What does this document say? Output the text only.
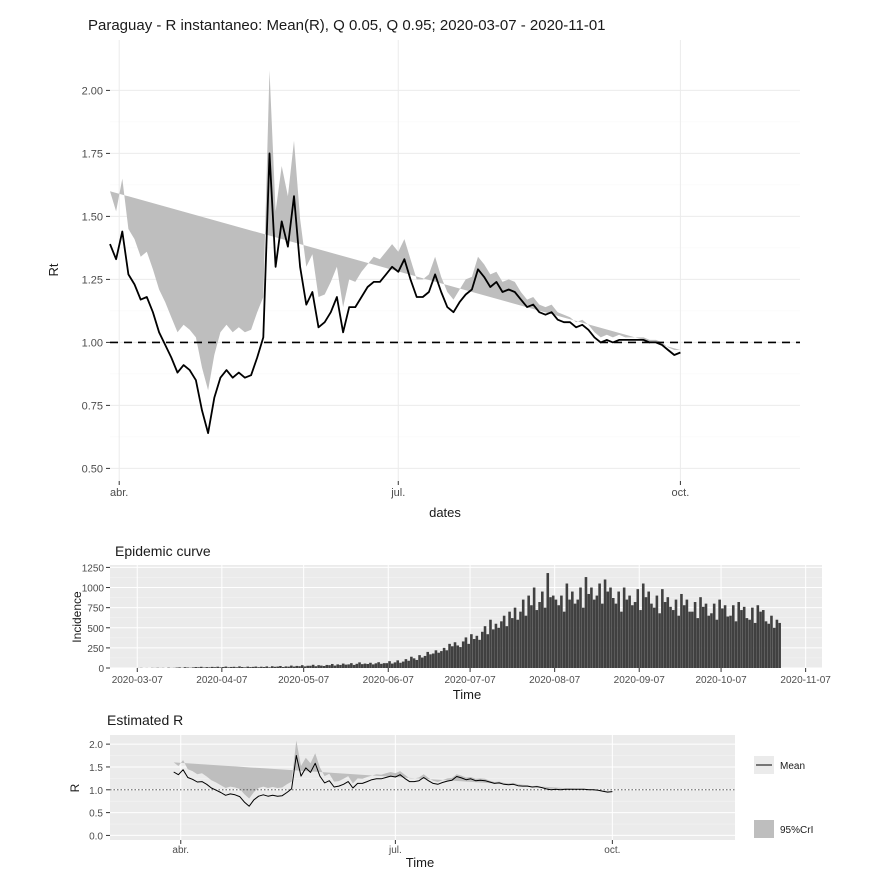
Paraguay - R instantaneo: Mean(R), Q 0.05, Q 0.95; 2020-03-07 - 2020-11-01
0.50
0.75
1.00
1.25
1.50
1.75
2.00
abr.	jul.	oct.
dates
Rt
Epidemic curve
0
250
500
750
1000
1250
2020-03-07	2020-04-07	2020-05-07	2020-06-07	2020-07-07	2020-08-07	2020-09-07	2020-10-07	2020-11-07
Time
Incidence
Estimated R
0.0
0.5
1.0
1.5
2.0
abr.	jul.	oct.
Time
R
Mean
95%CrI
